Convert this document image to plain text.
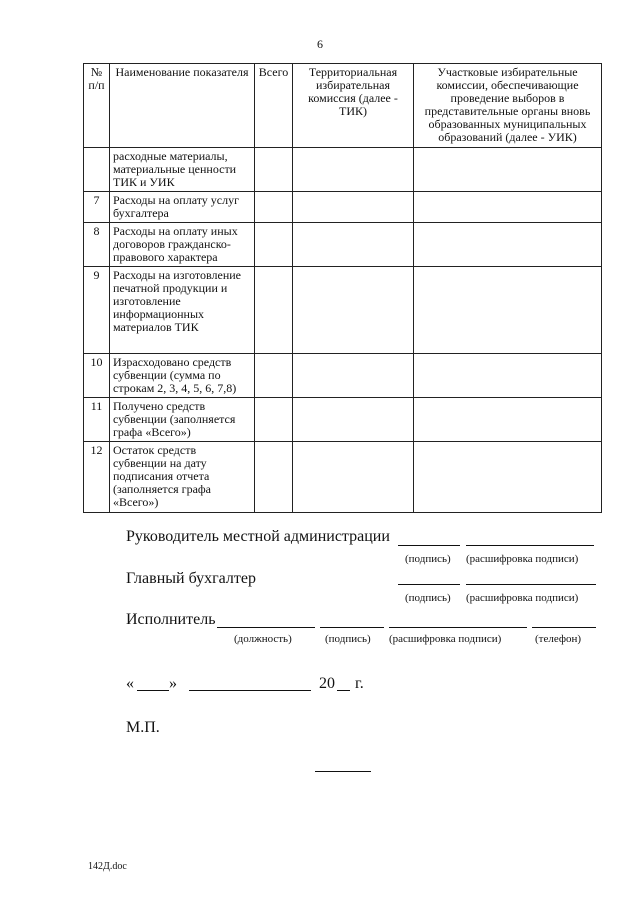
6
№ п/п	Наименование показателя	Всего	Территориальная избирательная комиссия (далее - ТИК)	Участковые избирательные комиссии, обеспечивающие проведение выборов в представительные органы вновь образованных муниципальных образований (далее - УИК)
	расходные материалы, материальные ценности ТИК и УИК			
7	Расходы на оплату услуг бухгалтера			
8	Расходы на оплату иных договоров гражданско-правового характера			
9	Расходы на изготовление печатной продукции и изготовление информационных материалов ТИК			
10	Израсходовано средств субвенции (сумма по строкам 2, 3, 4, 5, 6, 7,8)			
11	Получено средств субвенции (заполняется графа «Всего»)			
12	Остаток средств субвенции на дату подписания отчета (заполняется графа «Всего»)			
Руководитель местной администрации
(подпись) (расшифровка подписи)
Главный бухгалтер
(подпись) (расшифровка подписи)
Исполнитель
(должность)	(подпись) (расшифровка подписи)	(телефон)
« »	20 г.
М.П.
142Д.doc
